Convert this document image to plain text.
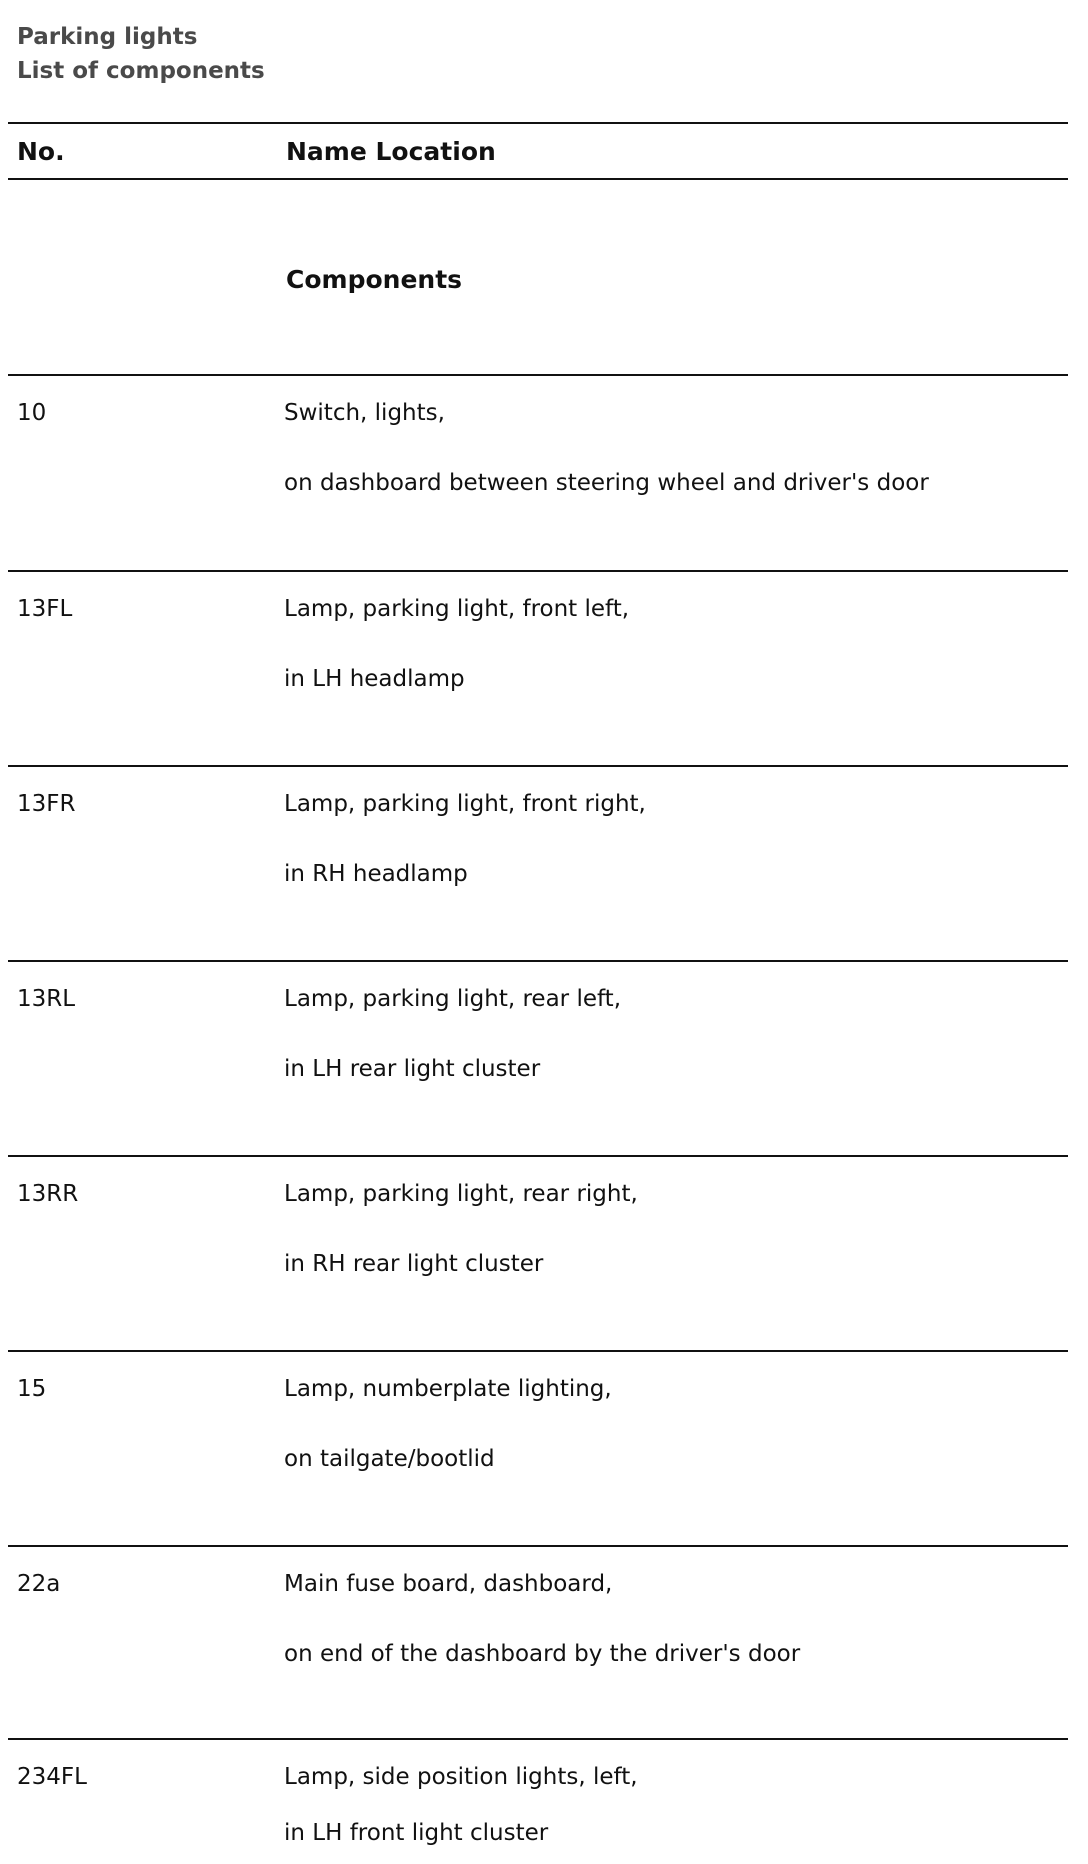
Parking lights
List of components
No.	Name Location
Components
10	Switch, lights,
on dashboard between steering wheel and driver's door
13FL	Lamp, parking light, front left,
in LH headlamp
13FR	Lamp, parking light, front right,
in RH headlamp
13RL	Lamp, parking light, rear left,
in LH rear light cluster
13RR	Lamp, parking light, rear right,
in RH rear light cluster
15	Lamp, numberplate lighting,
on tailgate/bootlid
22a	Main fuse board, dashboard,
on end of the dashboard by the driver's door
234FL	Lamp, side position lights, left,
in LH front light cluster
